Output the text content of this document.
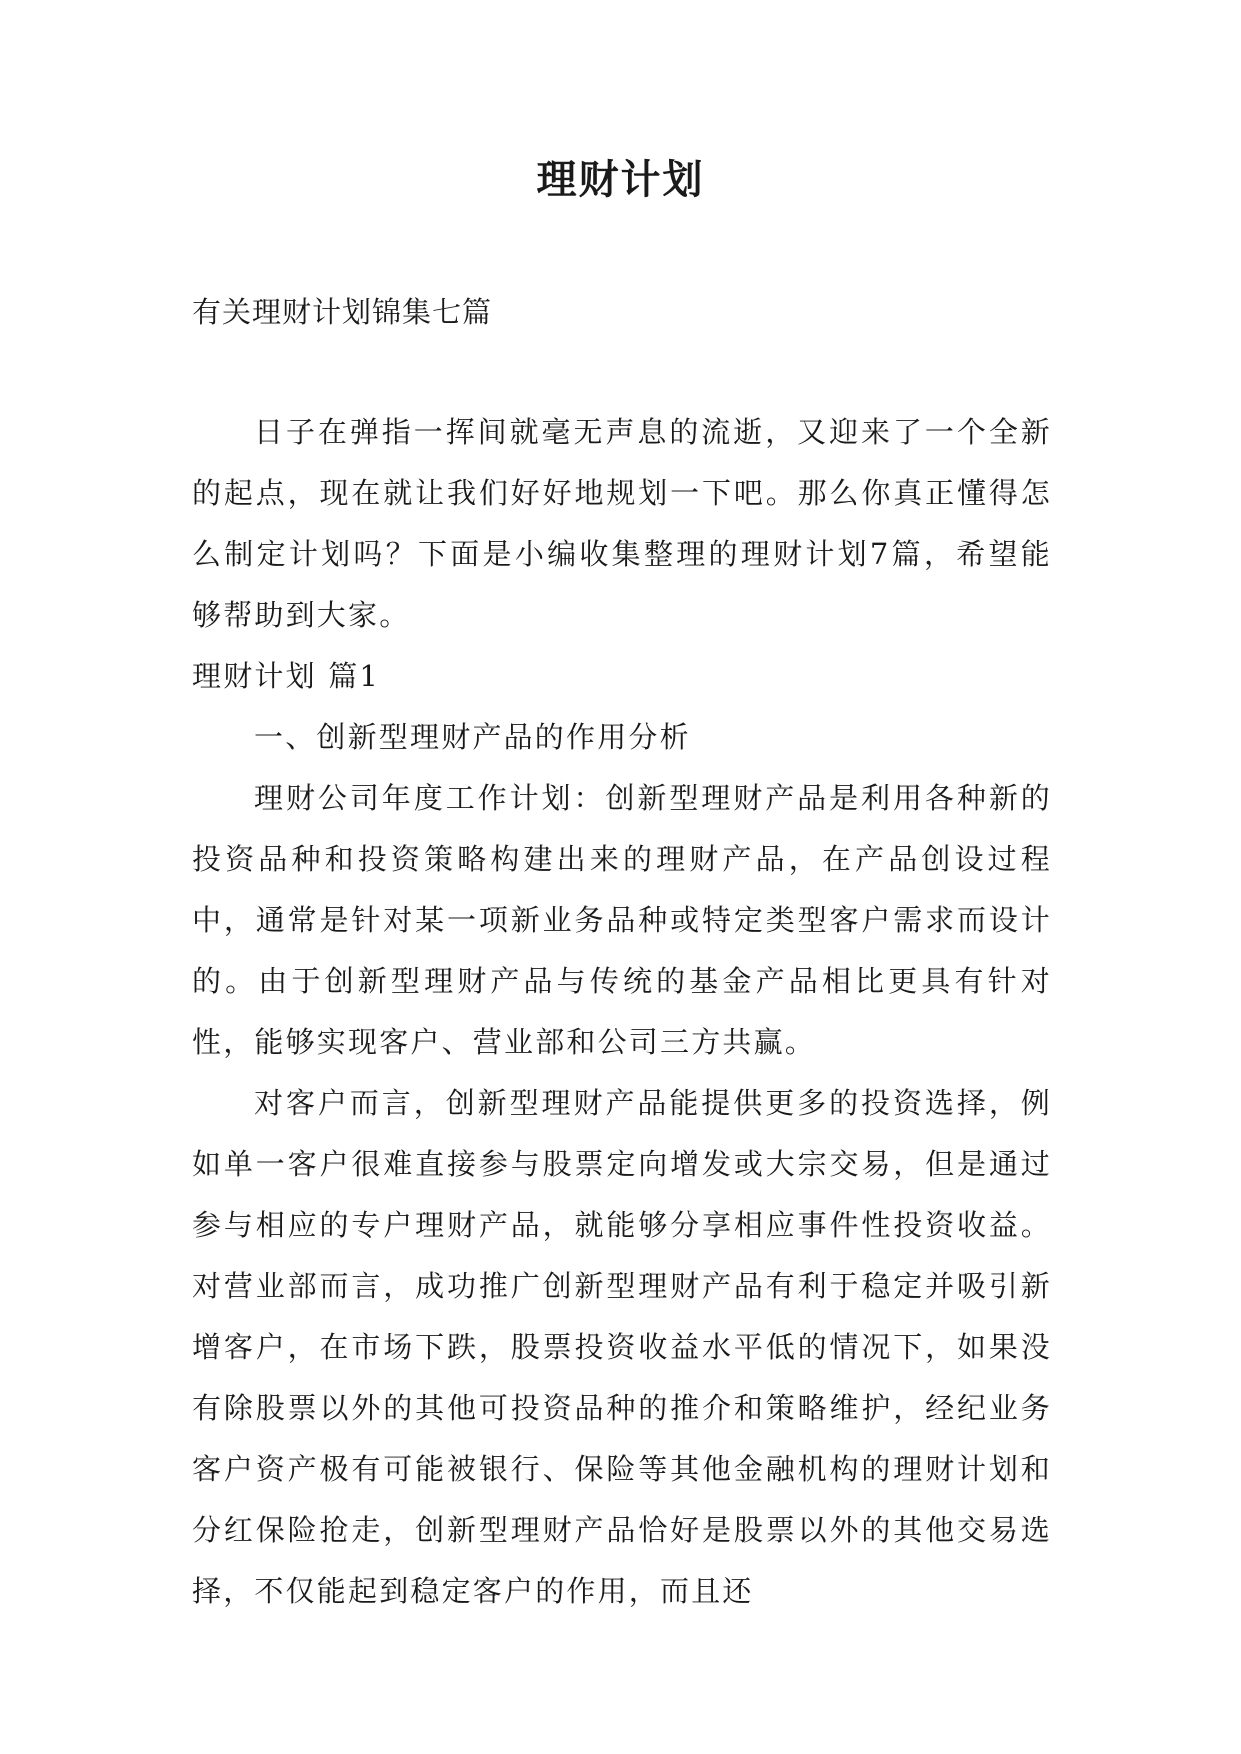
理财计划

有关理财计划锦集七篇

日子在弹指一挥间就毫无声息的流逝，又迎来了一个全新的起点，现在就让我们好好地规划一下吧。那么你真正懂得怎么制定计划吗？下面是小编收集整理的理财计划7篇，希望能够帮助到大家。

理财计划 篇1

一、创新型理财产品的作用分析

理财公司年度工作计划：创新型理财产品是利用各种新的投资品种和投资策略构建出来的理财产品，在产品创设过程中，通常是针对某一项新业务品种或特定类型客户需求而设计的。由于创新型理财产品与传统的基金产品相比更具有针对性，能够实现客户、营业部和公司三方共赢。

对客户而言，创新型理财产品能提供更多的投资选择，例如单一客户很难直接参与股票定向增发或大宗交易，但是通过参与相应的专户理财产品，就能够分享相应事件性投资收益。对营业部而言，成功推广创新型理财产品有利于稳定并吸引新增客户，在市场下跌，股票投资收益水平低的情况下，如果没有除股票以外的其他可投资品种的推介和策略维护，经纪业务客户资产极有可能被银行、保险等其他金融机构的理财计划和分红保险抢走，创新型理财产品恰好是股票以外的其他交易选择，不仅能起到稳定客户的作用，而且还
